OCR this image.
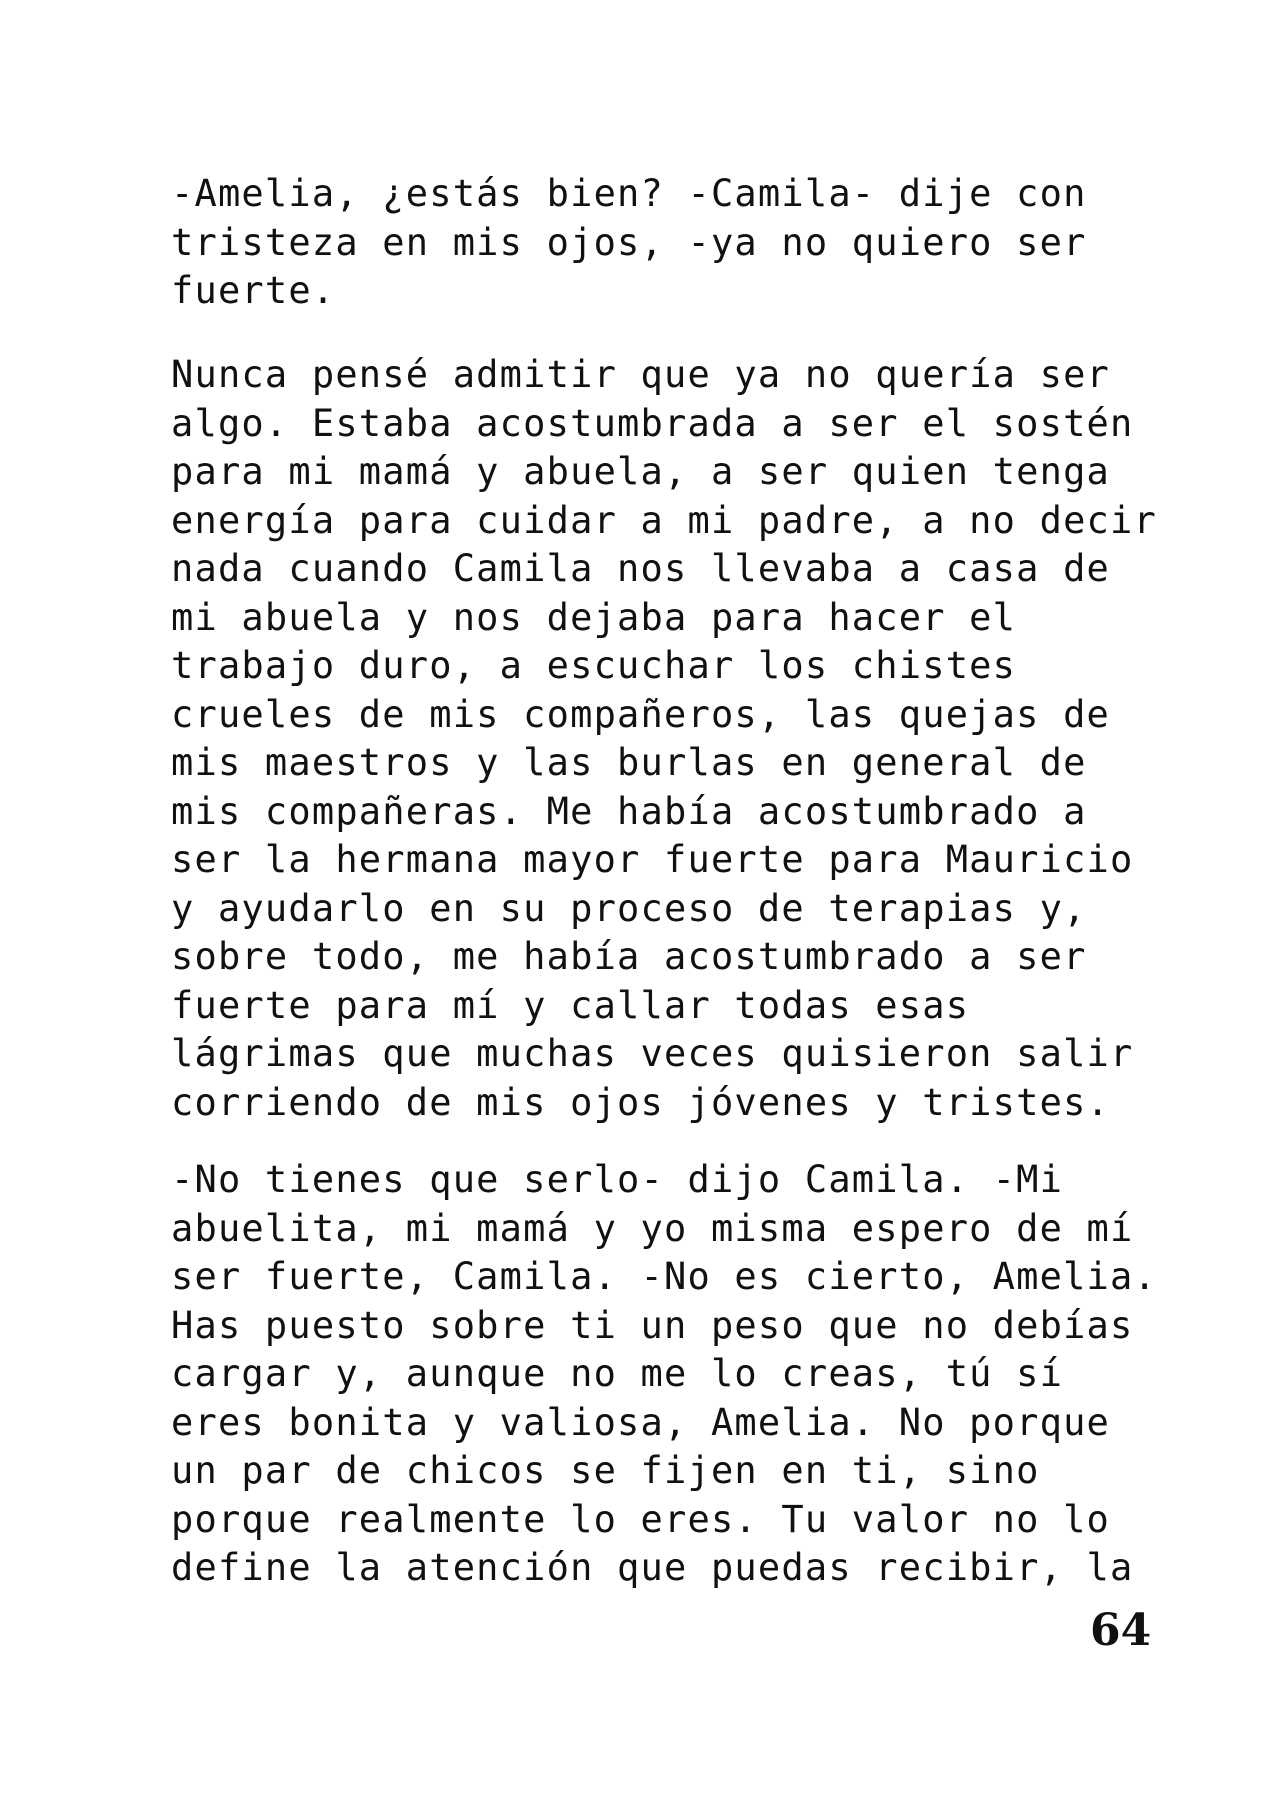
-Amelia, ¿estás bien? -Camila- dije con
tristeza en mis ojos, -ya no quiero ser
fuerte.
Nunca pensé admitir que ya no quería ser
algo. Estaba acostumbrada a ser el sostén
para mi mamá y abuela, a ser quien tenga
energía para cuidar a mi padre, a no decir
nada cuando Camila nos llevaba a casa de
mi abuela y nos dejaba para hacer el
trabajo duro, a escuchar los chistes
crueles de mis compañeros, las quejas de
mis maestros y las burlas en general de
mis compañeras. Me había acostumbrado a
ser la hermana mayor fuerte para Mauricio
y ayudarlo en su proceso de terapias y,
sobre todo, me había acostumbrado a ser
fuerte para mí y callar todas esas
lágrimas que muchas veces quisieron salir
corriendo de mis ojos jóvenes y tristes.
-No tienes que serlo- dijo Camila. -Mi
abuelita, mi mamá y yo misma espero de mí
ser fuerte, Camila. -No es cierto, Amelia.
Has puesto sobre ti un peso que no debías
cargar y, aunque no me lo creas, tú sí
eres bonita y valiosa, Amelia. No porque
un par de chicos se fijen en ti, sino
porque realmente lo eres. Tu valor no lo
define la atención que puedas recibir, la
64
